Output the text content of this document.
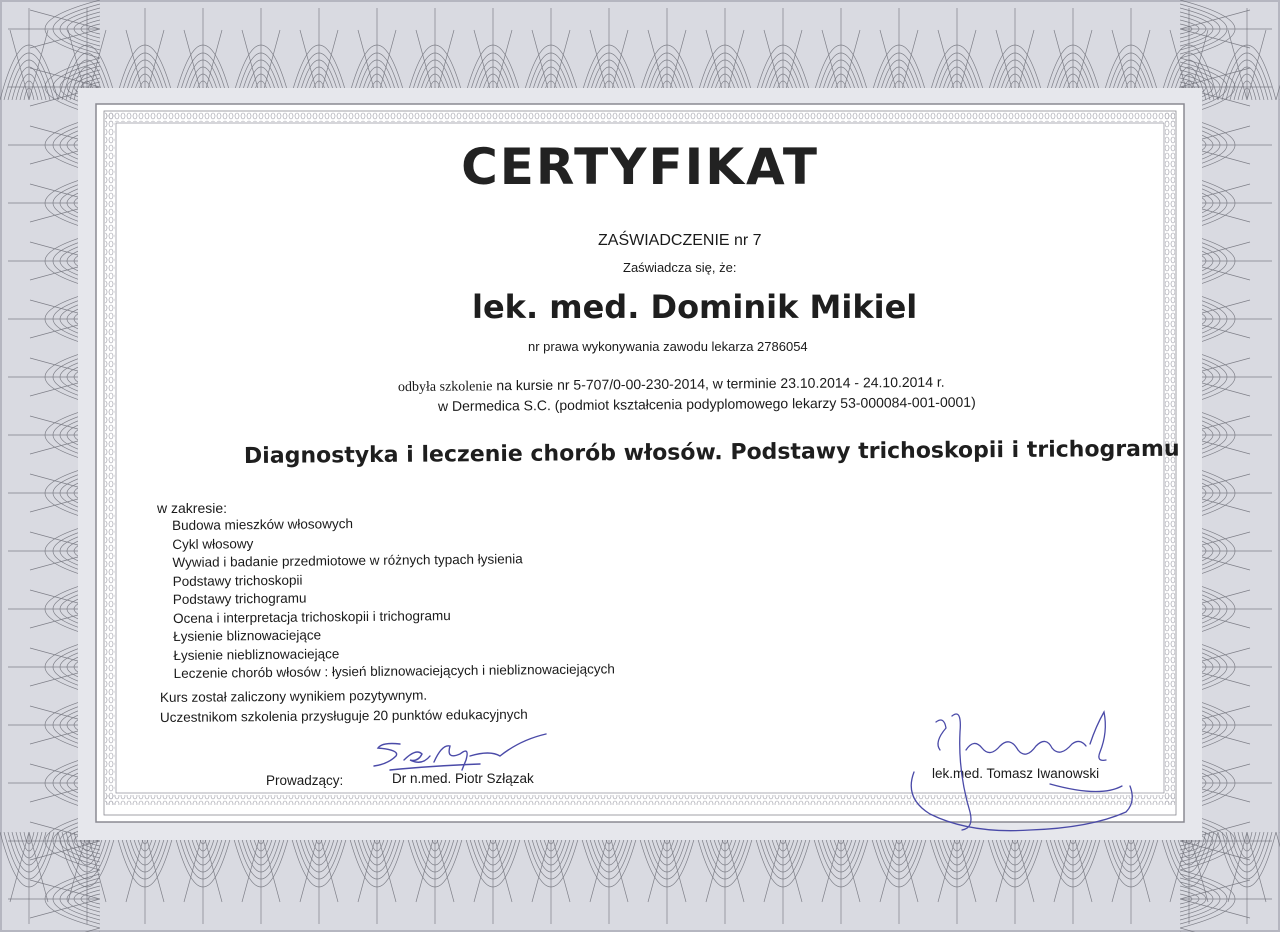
CERTYFIKAT
ZAŚWIADCZENIE nr 7
Zaświadcza się, że:
lek. med. Dominik Mikiel
nr prawa wykonywania zawodu lekarza 2786054
odbyła szkolenie na kursie nr 5-707/0-00-230-2014, w terminie 23.10.2014 - 24.10.2014 r.
w Dermedica S.C. (podmiot kształcenia podyplomowego lekarzy 53-000084-001-0001)
Diagnostyka i leczenie chorób włosów. Podstawy trichoskopii i trichogramu
w zakresie:
Budowa mieszków włosowych
Cykl włosowy
Wywiad i badanie przedmiotowe w różnych typach łysienia
Podstawy trichoskopii
Podstawy trichogramu
Ocena i interpretacja trichoskopii i trichogramu
Łysienie bliznowaciejące
Łysienie niebliznowaciejące
Leczenie chorób włosów : łysień bliznowaciejących i niebliznowaciejących
Kurs został zaliczony wynikiem pozytywnym.
Uczestnikom szkolenia przysługuje 20 punktów edukacyjnych
Prowadzący:	Dr n.med. Piotr Szłązak	lek.med. Tomasz Iwanowski
